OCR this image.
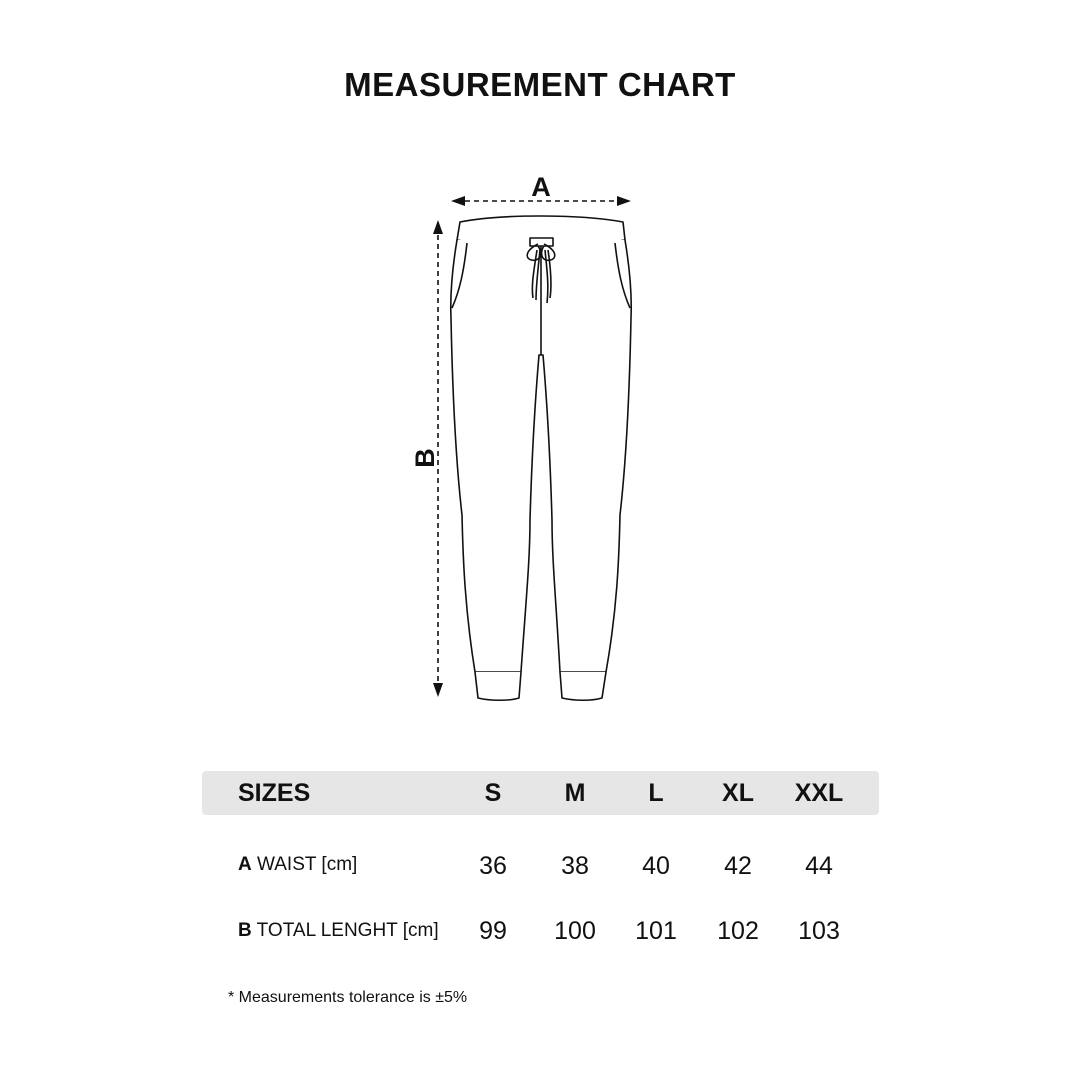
MEASUREMENT CHART
A
B
SIZES	S	M	L	XL	XXL
A WAIST [cm]	36	38	40	42	44
B TOTAL LENGHT [cm]	99	100	101	102	103
* Measurements tolerance is ±5%
